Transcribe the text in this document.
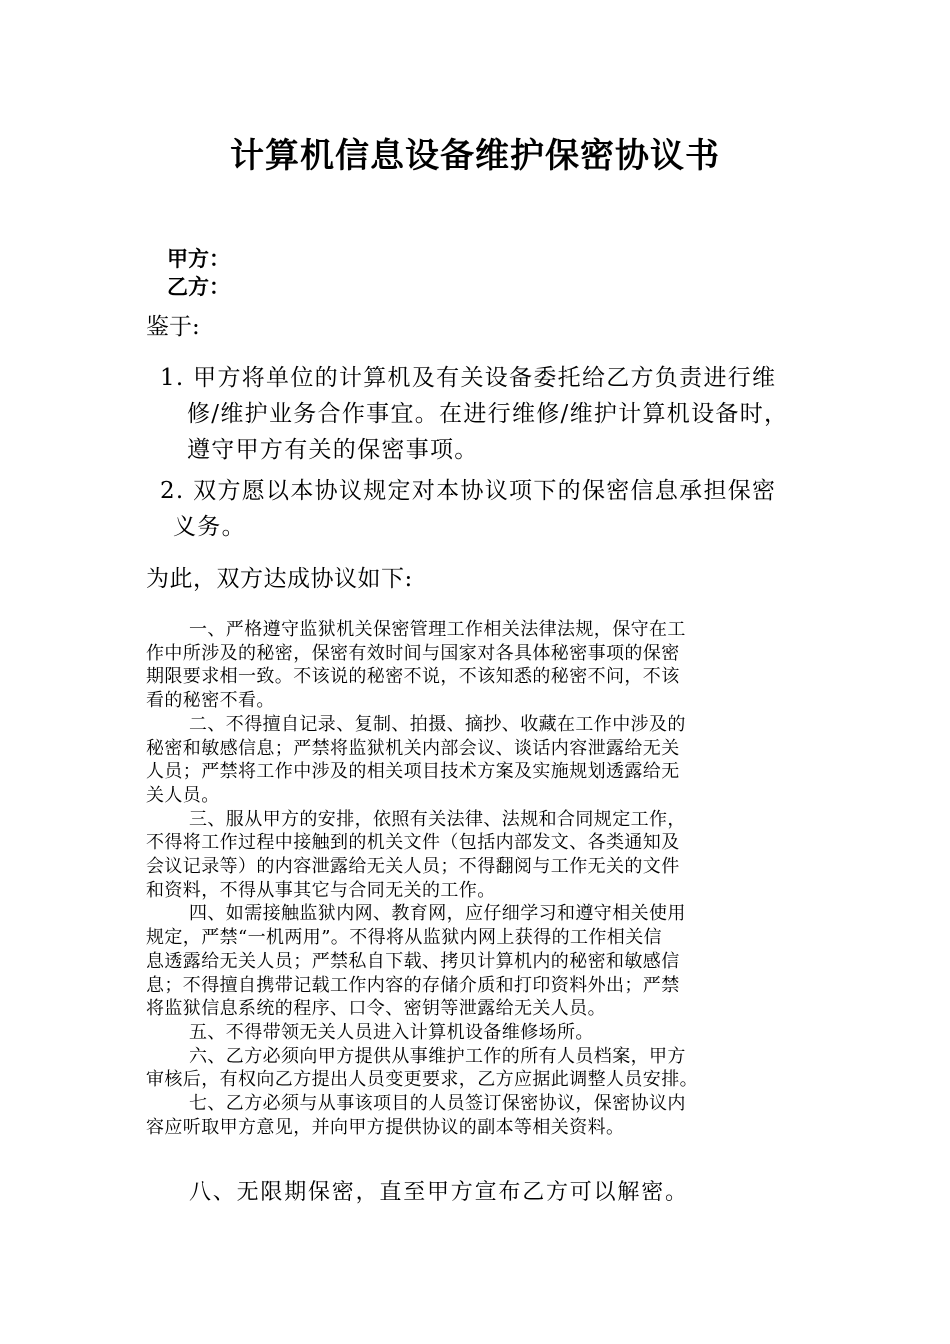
计算机信息设备维护保密协议书
甲方：
乙方：
鉴于:
1. 甲方将单位的计算机及有关设备委托给乙方负责进行维
修/维护业务合作事宜。在进行维修/维护计算机设备时，
遵守甲方有关的保密事项。
2. 双方愿以本协议规定对本协议项下的保密信息承担保密
义务。
为此，双方达成协议如下:
一、严格遵守监狱机关保密管理工作相关法律法规，保守在工
作中所涉及的秘密，保密有效时间与国家对各具体秘密事项的保密
期限要求相一致。不该说的秘密不说，不该知悉的秘密不问，不该
看的秘密不看。
二、不得擅自记录、复制、拍摄、摘抄、收藏在工作中涉及的
秘密和敏感信息；严禁将监狱机关内部会议、谈话内容泄露给无关
人员；严禁将工作中涉及的相关项目技术方案及实施规划透露给无
关人员。
三、服从甲方的安排，依照有关法律、法规和合同规定工作，
不得将工作过程中接触到的机关文件（包括内部发文、各类通知及
会议记录等）的内容泄露给无关人员；不得翻阅与工作无关的文件
和资料，不得从事其它与合同无关的工作。
四、如需接触监狱内网、教育网，应仔细学习和遵守相关使用
规定，严禁“一机两用”。不得将从监狱内网上获得的工作相关信
息透露给无关人员；严禁私自下载、拷贝计算机内的秘密和敏感信
息；不得擅自携带记载工作内容的存储介质和打印资料外出；严禁
将监狱信息系统的程序、口令、密钥等泄露给无关人员。
五、不得带领无关人员进入计算机设备维修场所。
六、乙方必须向甲方提供从事维护工作的所有人员档案，甲方
审核后，有权向乙方提出人员变更要求，乙方应据此调整人员安排。
七、乙方必须与从事该项目的人员签订保密协议，保密协议内
容应听取甲方意见，并向甲方提供协议的副本等相关资料。
八、无限期保密，直至甲方宣布乙方可以解密。
